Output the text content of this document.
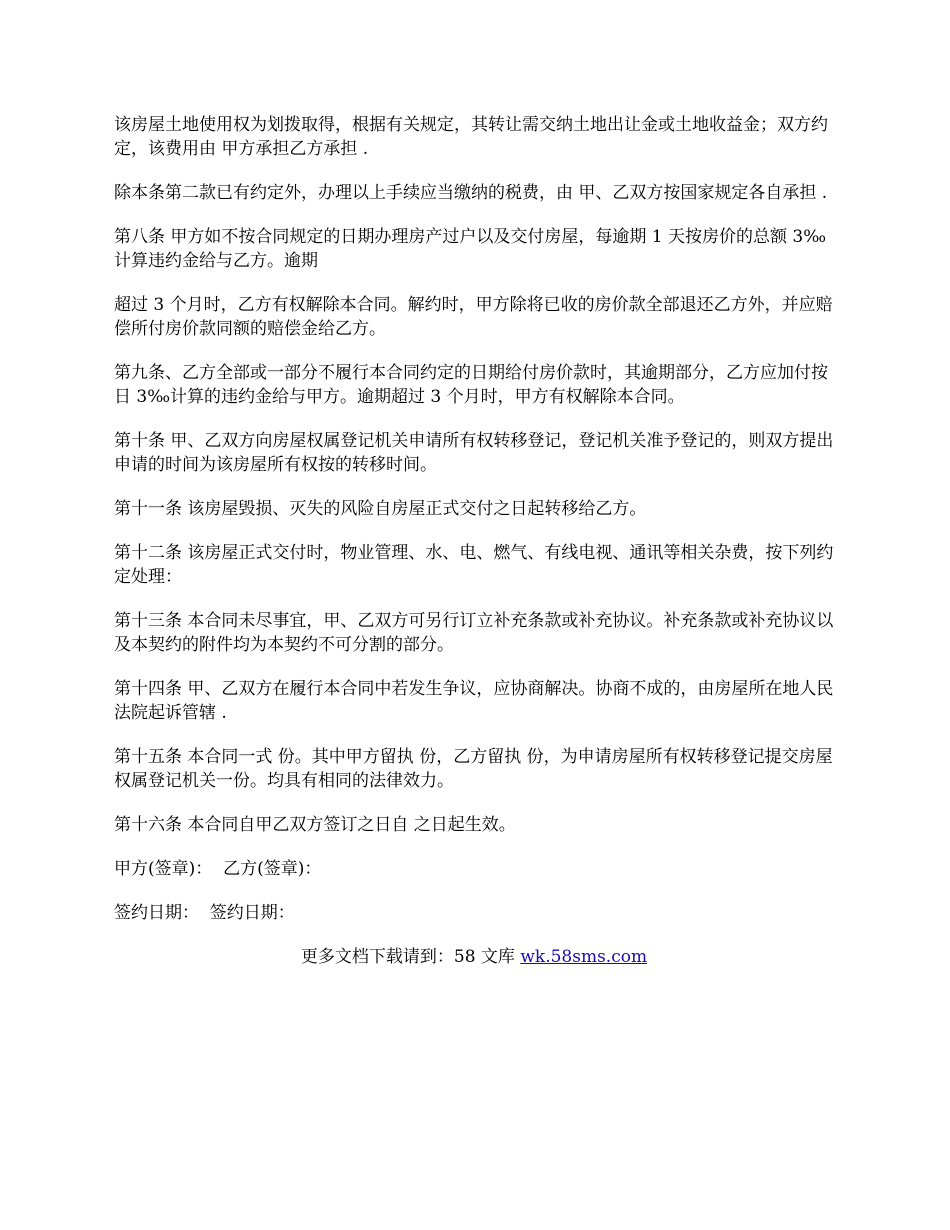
该房屋土地使用权为划拨取得，根据有关规定，其转让需交纳土地出让金或土地收益金；双方约定，该费用由 甲方承担乙方承担 .

除本条第二款已有约定外，办理以上手续应当缴纳的税费，由 甲、乙双方按国家规定各自承担 .

第八条 甲方如不按合同规定的日期办理房产过户以及交付房屋，每逾期 1 天按房价的总额 3‰计算违约金给与乙方。逾期

超过 3 个月时，乙方有权解除本合同。解约时，甲方除将已收的房价款全部退还乙方外，并应赔偿所付房价款同额的赔偿金给乙方。

第九条、乙方全部或一部分不履行本合同约定的日期给付房价款时，其逾期部分，乙方应加付按日 3‰计算的违约金给与甲方。逾期超过 3 个月时，甲方有权解除本合同。

第十条 甲、乙双方向房屋权属登记机关申请所有权转移登记，登记机关准予登记的，则双方提出申请的时间为该房屋所有权按的转移时间。

第十一条 该房屋毁损、灭失的风险自房屋正式交付之日起转移给乙方。

第十二条 该房屋正式交付时，物业管理、水、电、燃气、有线电视、通讯等相关杂费，按下列约定处理：

第十三条 本合同未尽事宜，甲、乙双方可另行订立补充条款或补充协议。补充条款或补充协议以及本契约的附件均为本契约不可分割的部分。

第十四条 甲、乙双方在履行本合同中若发生争议，应协商解决。协商不成的，由房屋所在地人民法院起诉管辖 .

第十五条 本合同一式 份。其中甲方留执 份，乙方留执 份，为申请房屋所有权转移登记提交房屋权属登记机关一份。均具有相同的法律效力。

第十六条 本合同自甲乙双方签订之日自 之日起生效。

甲方(签章)：  乙方(签章)：

签约日期：  签约日期：

更多文档下载请到：58 文库 wk.58sms.com
